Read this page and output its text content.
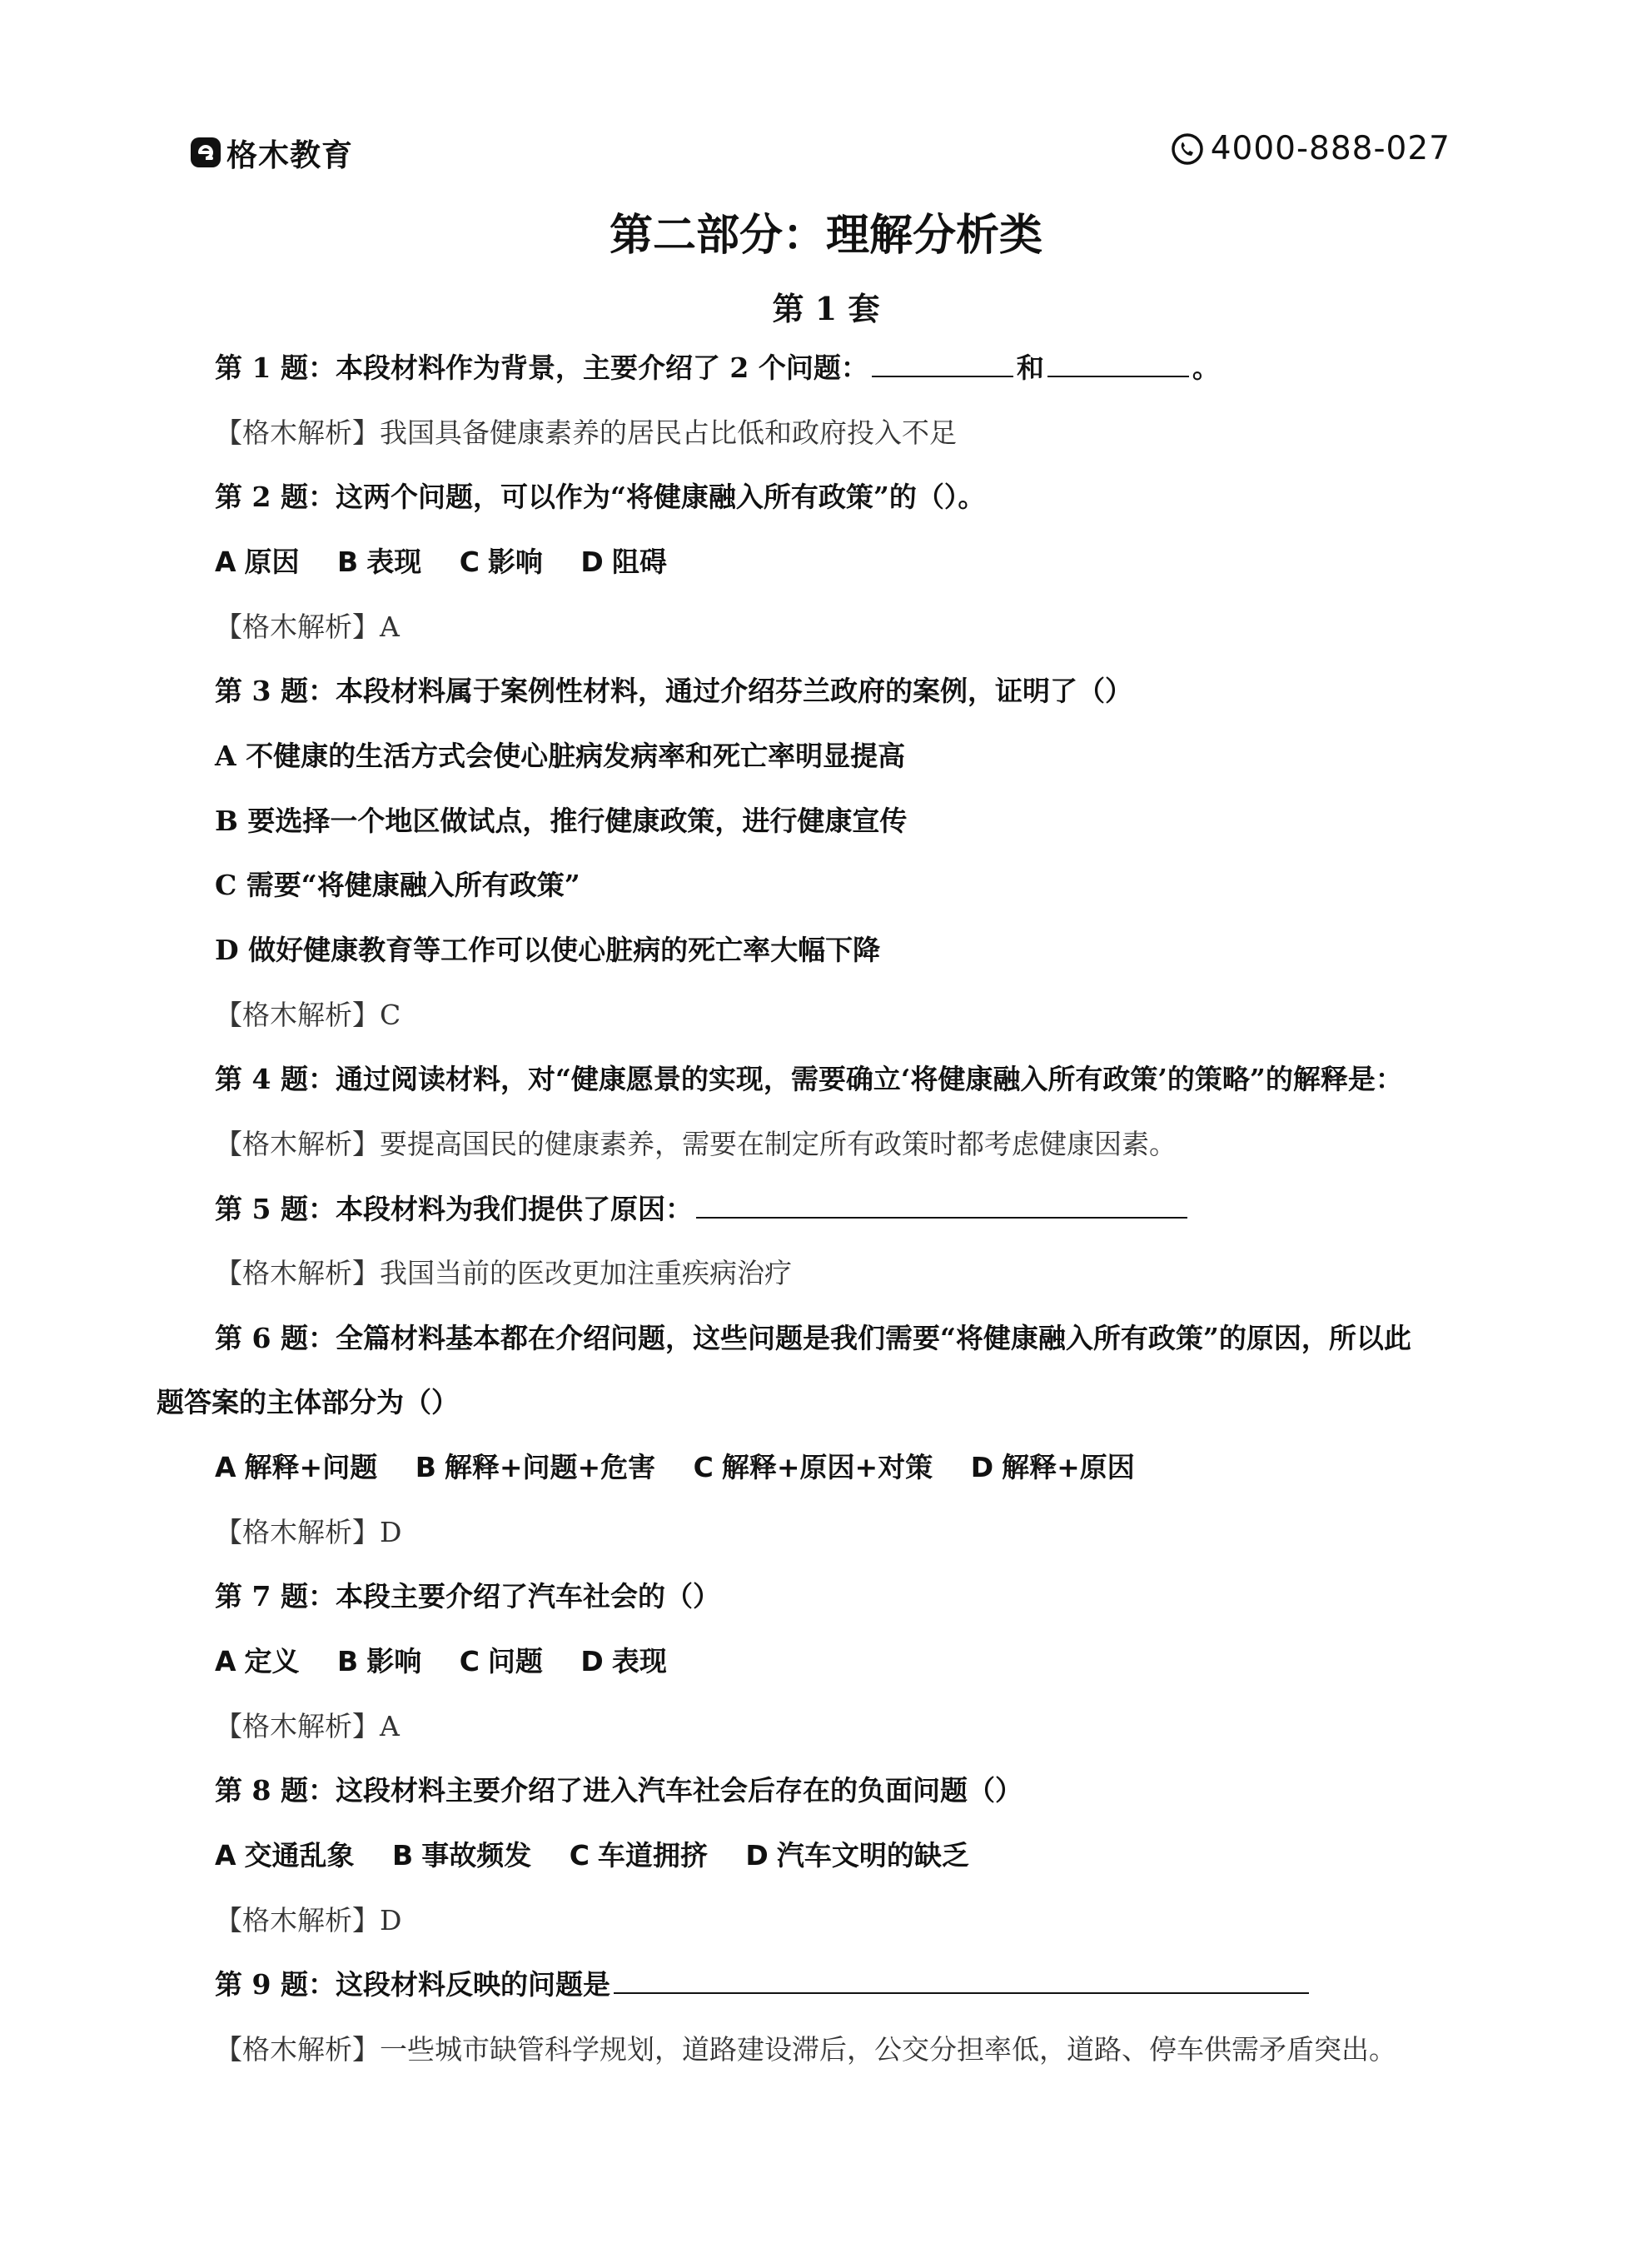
格木教育	4000-888-027
第二部分：理解分析类
第 1 套
第 1 题：本段材料作为背景，主要介绍了 2 个问题：	和	。
【格木解析】我国具备健康素养的居民占比低和政府投入不足
第 2 题：这两个问题，可以作为“将健康融入所有政策”的（）。
A 原因 B 表现 C 影响 D 阻碍
【格木解析】A
第 3 题：本段材料属于案例性材料，通过介绍芬兰政府的案例，证明了（）
A 不健康的生活方式会使心脏病发病率和死亡率明显提高
B 要选择一个地区做试点，推行健康政策，进行健康宣传
C 需要“将健康融入所有政策”
D 做好健康教育等工作可以使心脏病的死亡率大幅下降
【格木解析】C
第 4 题：通过阅读材料，对“健康愿景的实现，需要确立‘将健康融入所有政策’的策略”的解释是：
【格木解析】要提高国民的健康素养，需要在制定所有政策时都考虑健康因素。
第 5 题：本段材料为我们提供了原因：
【格木解析】我国当前的医改更加注重疾病治疗
第 6 题：全篇材料基本都在介绍问题，这些问题是我们需要“将健康融入所有政策”的原因，所以此
题答案的主体部分为（）
A 解释+问题 B 解释+问题+危害 C 解释+原因+对策 D 解释+原因
【格木解析】D
第 7 题：本段主要介绍了汽车社会的（）
A 定义 B 影响 C 问题 D 表现
【格木解析】A
第 8 题：这段材料主要介绍了进入汽车社会后存在的负面问题（）
A 交通乱象 B 事故频发 C 车道拥挤 D 汽车文明的缺乏
【格木解析】D
第 9 题：这段材料反映的问题是
【格木解析】一些城市缺管科学规划，道路建设滞后，公交分担率低，道路、停车供需矛盾突出。
